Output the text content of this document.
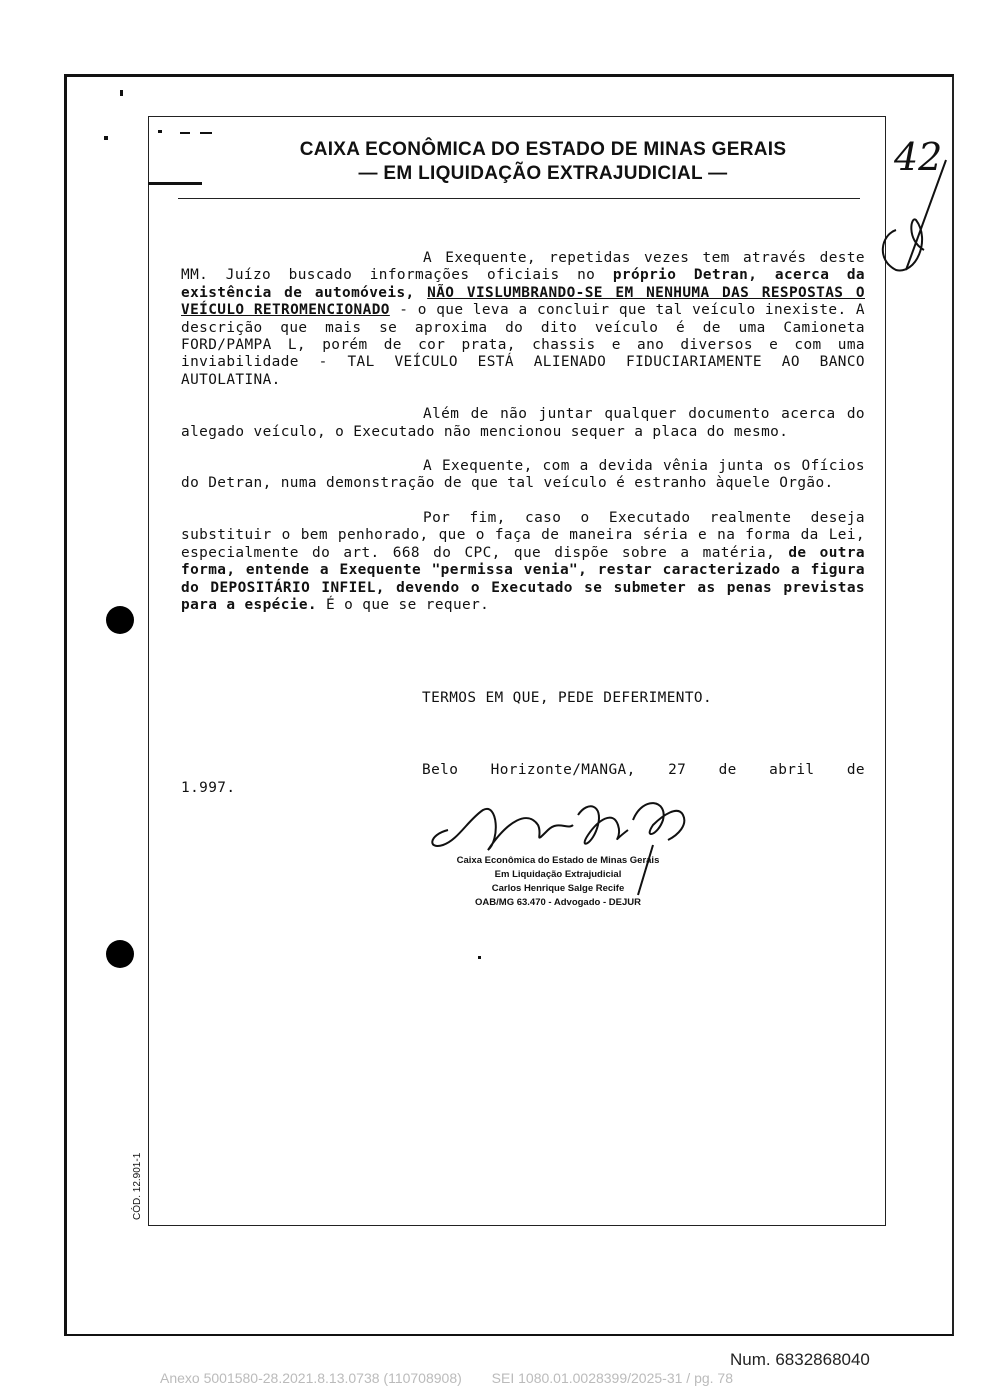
CAIXA ECONÔMICA DO ESTADO DE MINAS GERAIS
— EM LIQUIDAÇÃO EXTRAJUDICIAL —	42

A Exequente, repetidas vezes tem através deste MM. Juízo buscado informações oficiais no próprio Detran, acerca da existência de automóveis, NÃO VISLUMBRANDO-SE EM NENHUMA DAS RESPOSTAS O VEÍCULO RETROMENCIONADO - o que leva a concluir que tal veículo inexiste. A descrição que mais se aproxima do dito veículo é de uma Camioneta FORD/PAMPA L, porém de cor prata, chassis e ano diversos e com uma inviabilidade - TAL VEÍCULO ESTÁ ALIENADO FIDUCIARIAMENTE AO BANCO AUTOLATINA.

Além de não juntar qualquer documento acerca do alegado veículo, o Executado não mencionou sequer a placa do mesmo.

A Exequente, com a devida vênia junta os Ofícios do Detran, numa demonstração de que tal veículo é estranho àquele Orgão.

Por fim, caso o Executado realmente deseja substituir o bem penhorado, que o faça de maneira séria e na forma da Lei, especialmente do art. 668 do CPC, que dispõe sobre a matéria, de outra forma, entende a Exequente "permissa venia", restar caracterizado a figura do DEPOSITÁRIO INFIEL, devendo o Executado se submeter as penas previstas para a espécie. É o que se requer.

TERMOS EM QUE, PEDE DEFERIMENTO.
Belo Horizonte/MANGA, 27 de abril de
1.997.
Caixa Econômica do Estado de Minas Gerais
Em Liquidação Extrajudicial
Carlos Henrique Salge Recife
OAB/MG 63.470 - Advogado - DEJUR
CÓD. 12.901-1
Num. 6832868040
Anexo 5001580-28.2021.8.13.0738 (110708908) SEI 1080.01.0028399/2025-31 / pg. 78
